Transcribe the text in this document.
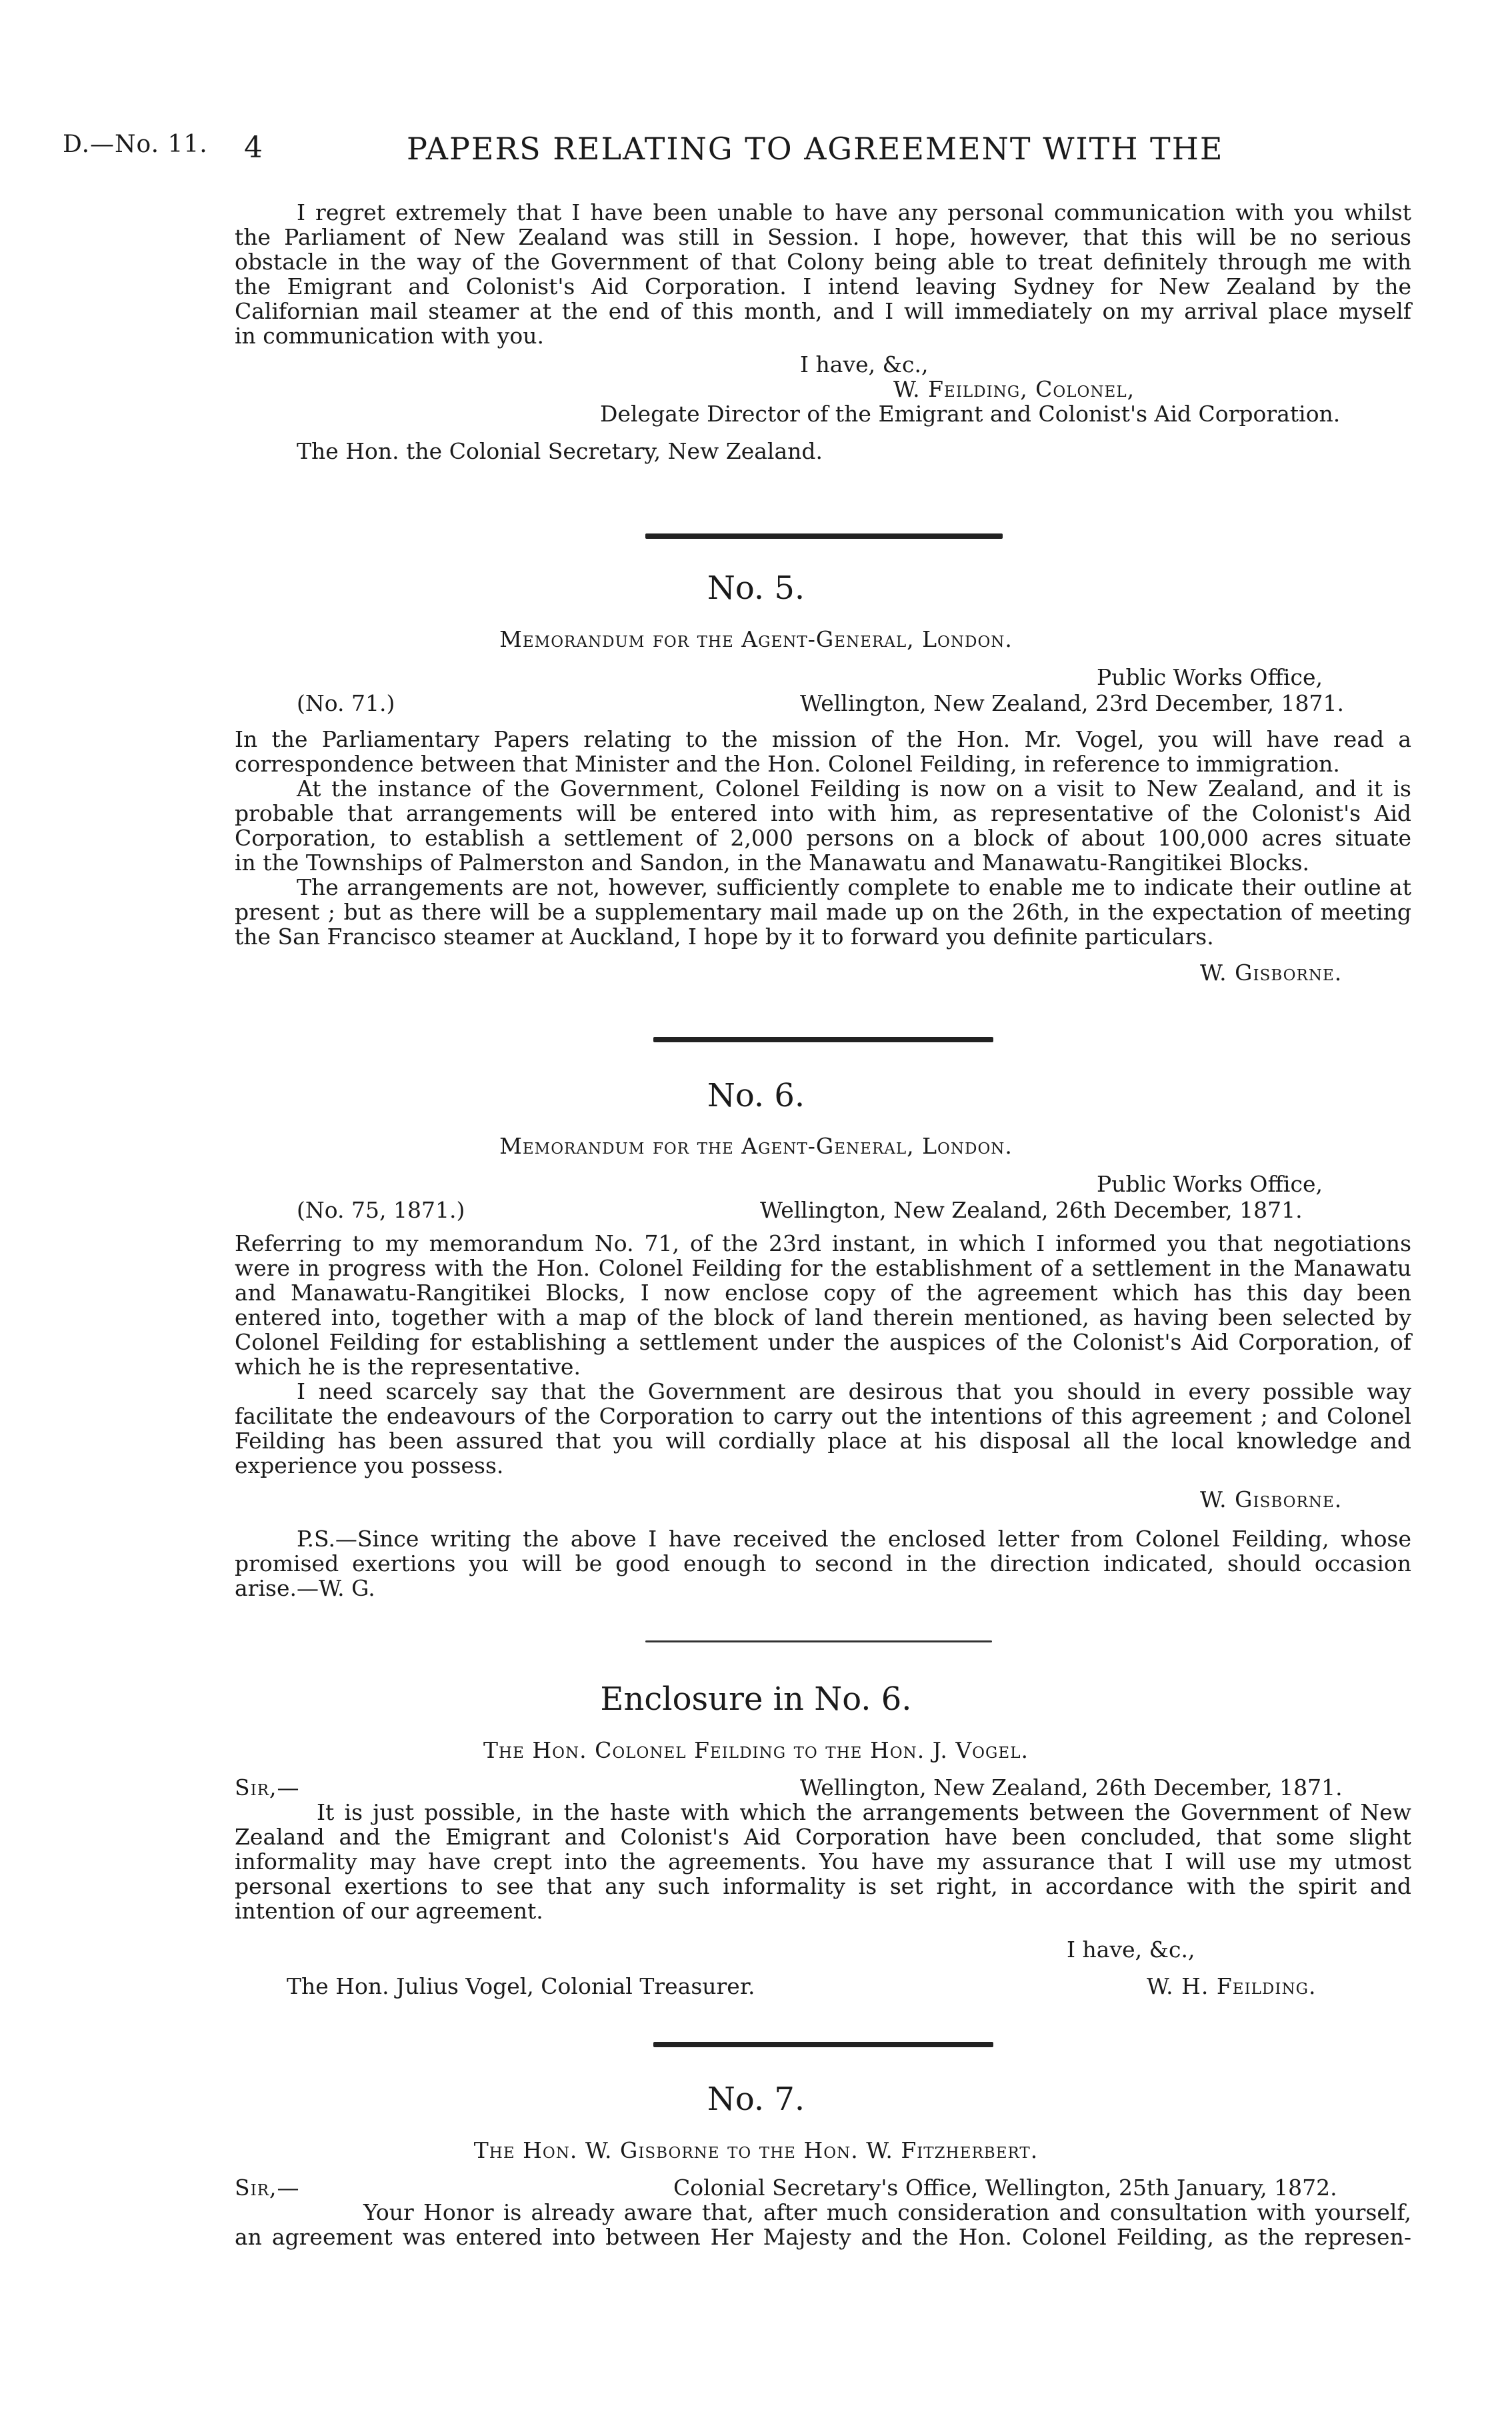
D.—No. 11. 4	PAPERS RELATING TO AGREEMENT WITH THE
I regret extremely that I have been unable to have any personal communication with you whilst
the Parliament of New Zealand was still in Session. I hope, however, that this will be no serious
obstacle in the way of the Government of that Colony being able to treat definitely through me with
the Emigrant and Colonist's Aid Corporation. I intend leaving Sydney for New Zealand by the
Californian mail steamer at the end of this month, and I will immediately on my arrival place myself
in communication with you.
I have, &c.,
W. Feilding, Colonel,
Delegate Director of the Emigrant and Colonist's Aid Corporation.
The Hon. the Colonial Secretary, New Zealand.
No. 5.
Memorandum for the Agent-General, London.
Public Works Office,
(No. 71.)	Wellington, New Zealand, 23rd December, 1871.
In the Parliamentary Papers relating to the mission of the Hon. Mr. Vogel, you will have read a
correspondence between that Minister and the Hon. Colonel Feilding, in reference to immigration.
At the instance of the Government, Colonel Feilding is now on a visit to New Zealand, and it is
probable that arrangements will be entered into with him, as representative of the Colonist's Aid
Corporation, to establish a settlement of 2,000 persons on a block of about 100,000 acres situate
in the Townships of Palmerston and Sandon, in the Manawatu and Manawatu-Rangitikei Blocks.
The arrangements are not, however, sufficiently complete to enable me to indicate their outline at
present ; but as there will be a supplementary mail made up on the 26th, in the expectation of meeting
the San Francisco steamer at Auckland, I hope by it to forward you definite particulars.
W. Gisborne.
No. 6.
Memorandum for the Agent-General, London.
Public Works Office,
(No. 75, 1871.)	Wellington, New Zealand, 26th December, 1871.
Referring to my memorandum No. 71, of the 23rd instant, in which I informed you that negotiations
were in progress with the Hon. Colonel Feilding for the establishment of a settlement in the Manawatu
and Manawatu-Rangitikei Blocks, I now enclose copy of the agreement which has this day been
entered into, together with a map of the block of land therein mentioned, as having been selected by
Colonel Feilding for establishing a settlement under the auspices of the Colonist's Aid Corporation, of
which he is the representative.
I need scarcely say that the Government are desirous that you should in every possible way
facilitate the endeavours of the Corporation to carry out the intentions of this agreement ; and Colonel
Feilding has been assured that you will cordially place at his disposal all the local knowledge and
experience you possess.
W. Gisborne.
P.S.—Since writing the above I have received the enclosed letter from Colonel Feilding, whose
promised exertions you will be good enough to second in the direction indicated, should occasion
arise.—W. G.
Enclosure in No. 6.
The Hon. Colonel Feilding to the Hon. J. Vogel.
Sir,—	Wellington, New Zealand, 26th December, 1871.
It is just possible, in the haste with which the arrangements between the Government of New
Zealand and the Emigrant and Colonist's Aid Corporation have been concluded, that some slight
informality may have crept into the agreements. You have my assurance that I will use my utmost
personal exertions to see that any such informality is set right, in accordance with the spirit and
intention of our agreement.
I have, &c.,
The Hon. Julius Vogel, Colonial Treasurer.	W. H. Feilding.
No. 7.
The Hon. W. Gisborne to the Hon. W. Fitzherbert.
Sir,—	Colonial Secretary's Office, Wellington, 25th January, 1872.
Your Honor is already aware that, after much consideration and consultation with yourself,
an agreement was entered into between Her Majesty and the Hon. Colonel Feilding, as the represen-
